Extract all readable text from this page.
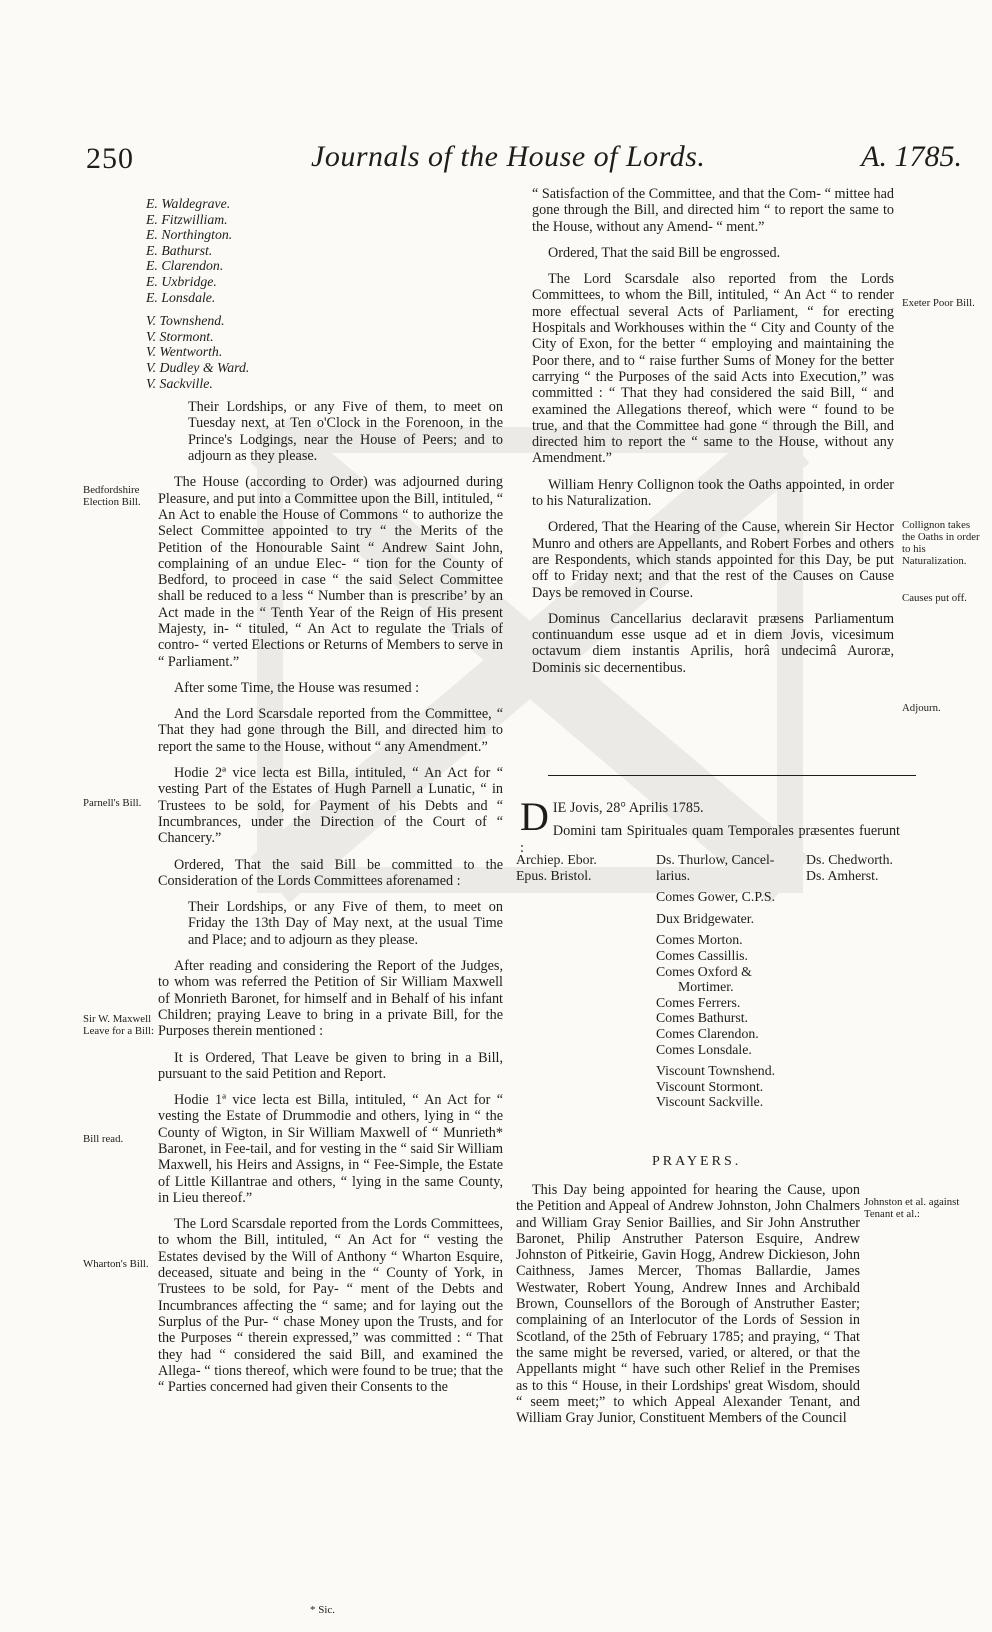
250	Journals of the House of Lords.	A. 1785.
E. Waldegrave.
E. Fitzwilliam.
E. Northington.
E. Bathurst.
E. Clarendon.
E. Uxbridge.
E. Lonsdale.
V. Townshend.
V. Stormont.
V. Wentworth.
V. Dudley & Ward.
V. Sackville.

Their Lordships, or any Five of them, to meet on Tuesday next, at Ten o'Clock in the Forenoon, in the Prince's Lodgings, near the House of Peers; and to adjourn as they please.

The House (according to Order) was adjourned during Pleasure, and put into a Committee upon the Bill, intituled, “ An Act to enable the House of Commons “ to authorize the Select Committee appointed to try “ the Merits of the Petition of the Honourable Saint “ Andrew Saint John, complaining of an undue Elec- “ tion for the County of Bedford, to proceed in case “ the said Select Committee shall be reduced to a less “ Number than is prescribe’ by an Act made in the “ Tenth Year of the Reign of His present Majesty, in- “ tituled, “ An Act to regulate the Trials of contro- “ verted Elections or Returns of Members to serve in “ Parliament.”

After some Time, the House was resumed :

And the Lord Scarsdale reported from the Committee, “ That they had gone through the Bill, and directed him to report the same to the House, without “ any Amendment.”

Hodie 2ª vice lecta est Billa, intituled, “ An Act for “ vesting Part of the Estates of Hugh Parnell a Lunatic, “ in Trustees to be sold, for Payment of his Debts and “ Incumbrances, under the Direction of the Court of “ Chancery.”

Ordered, That the said Bill be committed to the Consideration of the Lords Committees aforenamed :

Their Lordships, or any Five of them, to meet on Friday the 13th Day of May next, at the usual Time and Place; and to adjourn as they please.

After reading and considering the Report of the Judges, to whom was referred the Petition of Sir William Maxwell of Monrieth Baronet, for himself and in Behalf of his infant Children; praying Leave to bring in a private Bill, for the Purposes therein mentioned :

It is Ordered, That Leave be given to bring in a Bill, pursuant to the said Petition and Report.

Hodie 1ª vice lecta est Billa, intituled, “ An Act for “ vesting the Estate of Drummodie and others, lying in “ the County of Wigton, in Sir William Maxwell of “ Munrieth* Baronet, in Fee-tail, and for vesting in the “ said Sir William Maxwell, his Heirs and Assigns, in “ Fee-Simple, the Estate of Little Killantrae and others, “ lying in the same County, in Lieu thereof.”

The Lord Scarsdale reported from the Lords Committees, to whom the Bill, intituled, “ An Act for “ vesting the Estates devised by the Will of Anthony “ Wharton Esquire, deceased, situate and being in the “ County of York, in Trustees to be sold, for Pay- “ ment of the Debts and Incumbrances affecting the “ same; and for laying out the Surplus of the Pur- “ chase Money upon the Trusts, and for the Purposes “ therein expressed,” was committed : “ That they had “ considered the said Bill, and examined the Allega- “ tions thereof, which were found to be true; that the “ Parties concerned had given their Consents to the

Bedfordshire Election Bill.
Parnell's Bill.
Sir W. Maxwell Leave for a Bill:
Bill read.
Wharton's Bill.

“ Satisfaction of the Committee, and that the Com- “ mittee had gone through the Bill, and directed him “ to report the same to the House, without any Amend- “ ment.”

Ordered, That the said Bill be engrossed.

The Lord Scarsdale also reported from the Lords Committees, to whom the Bill, intituled, “ An Act “ to render more effectual several Acts of Parliament, “ for erecting Hospitals and Workhouses within the “ City and County of the City of Exon, for the better “ employing and maintaining the Poor there, and to “ raise further Sums of Money for the better carrying “ the Purposes of the said Acts into Execution,” was committed : “ That they had considered the said Bill, “ and examined the Allegations thereof, which were “ found to be true, and that the Committee had gone “ through the Bill, and directed him to report the “ same to the House, without any Amendment.”

William Henry Collignon took the Oaths appointed, in order to his Naturalization.

Ordered, That the Hearing of the Cause, wherein Sir Hector Munro and others are Appellants, and Robert Forbes and others are Respondents, which stands appointed for this Day, be put off to Friday next; and that the rest of the Causes on Cause Days be removed in Course.

Dominus Cancellarius declaravit præsens Parliamentum continuandum esse usque ad et in diem Jovis, vicesimum octavum diem instantis Aprilis, horâ undecimâ Auroræ, Dominis sic decernentibus.

D IE Jovis, 28° Aprilis 1785.
Domini tam Spirituales quam Temporales præsentes fuerunt :
Archiep. Ebor.
Epus. Bristol.
Ds. Thurlow, Cancel-
larius.
Comes Gower, C.P.S.
Dux Bridgewater.
Comes Morton.
Comes Cassillis.
Comes Oxford &
Mortimer.
Comes Ferrers.
Comes Bathurst.
Comes Clarendon.
Comes Lonsdale.
Viscount Townshend.
Viscount Stormont.
Viscount Sackville.
Ds. Chedworth.
Ds. Amherst.
PRAYERS.

This Day being appointed for hearing the Cause, upon the Petition and Appeal of Andrew Johnston, John Chalmers and William Gray Senior Baillies, and Sir John Anstruther Baronet, Philip Anstruther Paterson Esquire, Andrew Johnston of Pitkeirie, Gavin Hogg, Andrew Dickieson, John Caithness, James Mercer, Thomas Ballardie, James Westwater, Robert Young, Andrew Innes and Archibald Brown, Counsellors of the Borough of Anstruther Easter; complaining of an Interlocutor of the Lords of Session in Scotland, of the 25th of February 1785; and praying, “ That the same might be reversed, varied, or altered, or that the Appellants might “ have such other Relief in the Premises as to this “ House, in their Lordships' great Wisdom, should “ seem meet;” to which Appeal Alexander Tenant, and William Gray Junior, Constituent Members of the Council

Exeter Poor Bill.
Collignon takes the Oaths in order to his Naturalization.
Causes put off.
Adjourn.
Johnston et al. against Tenant et al.:
* Sic.
